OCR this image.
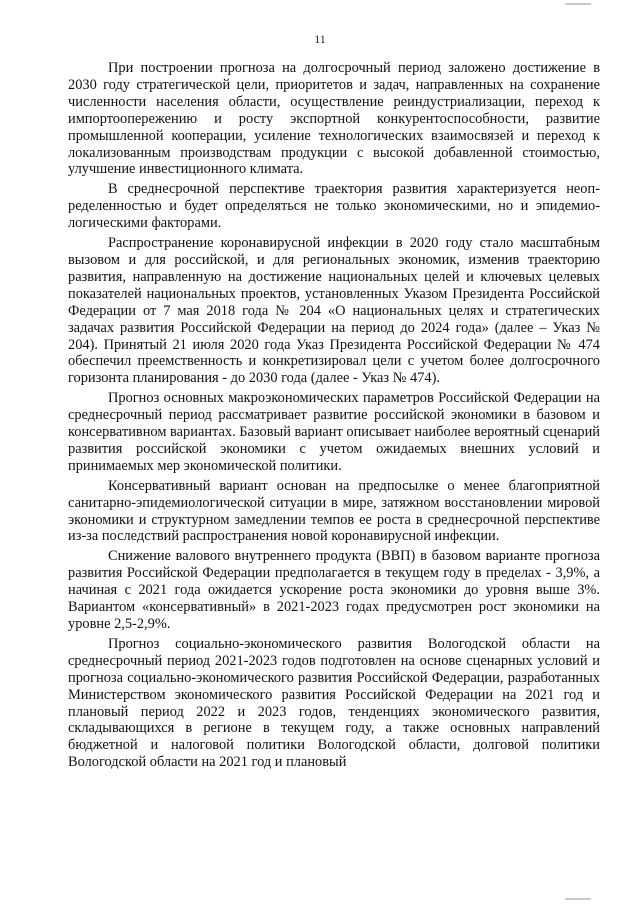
11

При построении прогноза на долгосрочный период заложено достижение в 2030 году стратегической цели, приоритетов и задач, направленных на сохранение численности населения области, осуществление реиндустриализации, переход к импортоопережению и росту экспортной конкурентоспособности, развитие промышленной кооперации, усиление технологических взаимосвязей и переход к локализованным производствам продукции с высокой добавленной стоимостью, улучшение инвестиционного климата.

В среднесрочной перспективе траектория развития характеризуется неопределенностью и будет определяться не только экономическими, но и эпидемиологическими факторами.

Распространение коронавирусной инфекции в 2020 году стало масштабным вызовом и для российской, и для региональных экономик, изменив траекторию развития, направленную на достижение национальных целей и ключевых целевых показателей национальных проектов, установленных Указом Президента Российской Федерации от 7 мая 2018 года № 204 «О национальных целях и стратегических задачах развития Российской Федерации на период до 2024 года» (далее – Указ № 204). Принятый 21 июля 2020 года Указ Президента Российской Федерации № 474 обеспечил преемственность и конкретизировал цели с учетом более долгосрочного горизонта планирования - до 2030 года (далее - Указ № 474).

Прогноз основных макроэкономических параметров Российской Федерации на среднесрочный период рассматривает развитие российской экономики в базовом и консервативном вариантах. Базовый вариант описывает наиболее вероятный сценарий развития российской экономики с учетом ожидаемых внешних условий и принимаемых мер экономической политики.

Консервативный вариант основан на предпосылке о менее благоприятной санитарно-эпидемиологической ситуации в мире, затяжном восстановлении мировой экономики и структурном замедлении темпов ее роста в среднесрочной перспективе из-за последствий распространения новой коронавирусной инфекции.

Снижение валового внутреннего продукта (ВВП) в базовом варианте прогноза развития Российской Федерации предполагается в текущем году в пределах - 3,9%, а начиная с 2021 года ожидается ускорение роста экономики до уровня выше 3%. Вариантом «консервативный» в 2021-2023 годах предусмотрен рост экономики на уровне 2,5-2,9%.

Прогноз социально-экономического развития Вологодской области на среднесрочный период 2021-2023 годов подготовлен на основе сценарных условий и прогноза социально-экономического развития Российской Федерации, разработанных Министерством экономического развития Российской Федерации на 2021 год и плановый период 2022 и 2023 годов, тенденциях экономического развития, складывающихся в регионе в текущем году, а также основных направлений бюджетной и налоговой политики Вологодской области, долговой политики Вологодской области на 2021 год и плановый
